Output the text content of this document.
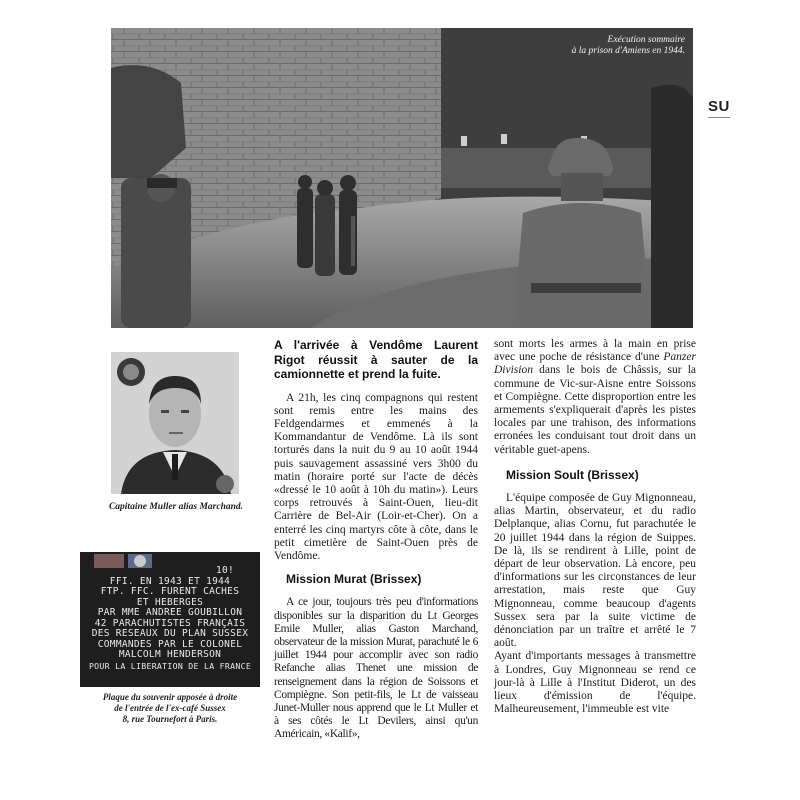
Exécution sommaire
à la prison d'Amiens en 1944.
SU
Capitaine Muller alias Marchand.
10!
FFI. EN 1943 ET 1944
FTP. FFC. FURENT CACHES
ET HEBERGES
PAR MME ANDREE GOUBILLON
42 PARACHUTISTES FRANÇAIS
DES RESEAUX DU PLAN SUSSEX
COMMANDES PAR LE COLONEL
MALCOLM HENDERSON
POUR LA LIBERATION DE LA FRANCE
Plaque du souvenir apposée à droite
de l'entrée de l'ex-café Sussex
8, rue Tournefort à Paris.
A l'arrivée à Vendôme Laurent Rigot réussit à sauter de la camionnette et prend la fuite.

A 21h, les cinq compagnons qui restent sont remis entre les mains des Feldgendarmes et emmenés à la Kommandantur de Vendôme. Là ils sont torturés dans la nuit du 9 au 10 août 1944 puis sauvagement assassiné vers 3h00 du matin (horaire porté sur l'acte de décès «dressé le 10 août à 10h du matin»). Leurs corps retrouvés à Saint-Ouen, lieu-dit Carrière de Bel-Air (Loir-et-Cher). On a enterré les cinq martyrs côte à côte, dans le petit cimetière de Saint-Ouen près de Vendôme.

Mission Murat (Brissex)

A ce jour, toujours très peu d'informations disponibles sur la disparition du Lt Georges Emile Muller, alias Gaston Marchand, observateur de la mission Murat, parachuté le 6 juillet 1944 pour accomplir avec son radio Refanche alias Thenet une mission de renseignement dans la région de Soissons et Compiègne. Son petit-fils, le Lt de vaisseau Junet-Muller nous apprend que le Lt Muller et à ses côtés le Lt Devilers, ainsi qu'un Américain, «Kalif»,

sont morts les armes à la main en prise avec une poche de résistance d'une Panzer Division dans le bois de Châssis, sur la commune de Vic-sur-Aisne entre Soissons et Compiègne. Cette disproportion entre les armements s'expliquerait d'après les pistes locales par une trahison, des informations erronées les conduisant tout droit dans un véritable guet-apens.

Mission Soult (Brissex)

L'équipe composée de Guy Mignonneau, alias Martin, observateur, et du radio Delplanque, alias Cornu, fut parachutée le 20 juillet 1944 dans la région de Suippes. De là, ils se rendirent à Lille, point de départ de leur observation. Là encore, peu d'informations sur les circonstances de leur arrestation, mais reste que Guy Mignonneau, comme beaucoup d'agents Sussex sera par la suite victime de dénonciation par un traître et arrêté le 7 août.

Ayant d'importants messages à transmettre à Londres, Guy Mignonneau se rend ce jour-là à Lille à l'Institut Diderot, un des lieux d'émission de l'équipe. Malheureusement, l'immeuble est vite
